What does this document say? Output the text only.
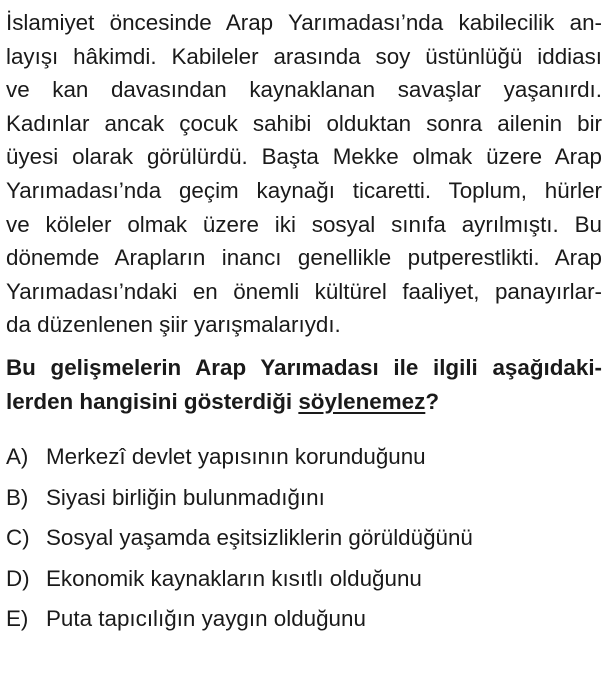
İslamiyet öncesinde Arap Yarımadası’nda kabilecilik an-
layışı hâkimdi. Kabileler arasında soy üstünlüğü iddiası
ve kan davasından kaynaklanan savaşlar yaşanırdı.
Kadınlar ancak çocuk sahibi olduktan sonra ailenin bir
üyesi olarak görülürdü. Başta Mekke olmak üzere Arap
Yarımadası’nda geçim kaynağı ticaretti. Toplum, hürler
ve köleler olmak üzere iki sosyal sınıfa ayrılmıştı. Bu
dönemde Arapların inancı genellikle putperestlikti. Arap
Yarımadası’ndaki en önemli kültürel faaliyet, panayırlar-
da düzenlenen şiir yarışmalarıydı.

Bu gelişmelerin Arap Yarımadası ile ilgili aşağıdaki-
lerden hangisini gösterdiği söylenemez?

A) Merkezî devlet yapısının korunduğunu
B) Siyasi birliğin bulunmadığını
C) Sosyal yaşamda eşitsizliklerin görüldüğünü
D) Ekonomik kaynakların kısıtlı olduğunu
E) Puta tapıcılığın yaygın olduğunu
